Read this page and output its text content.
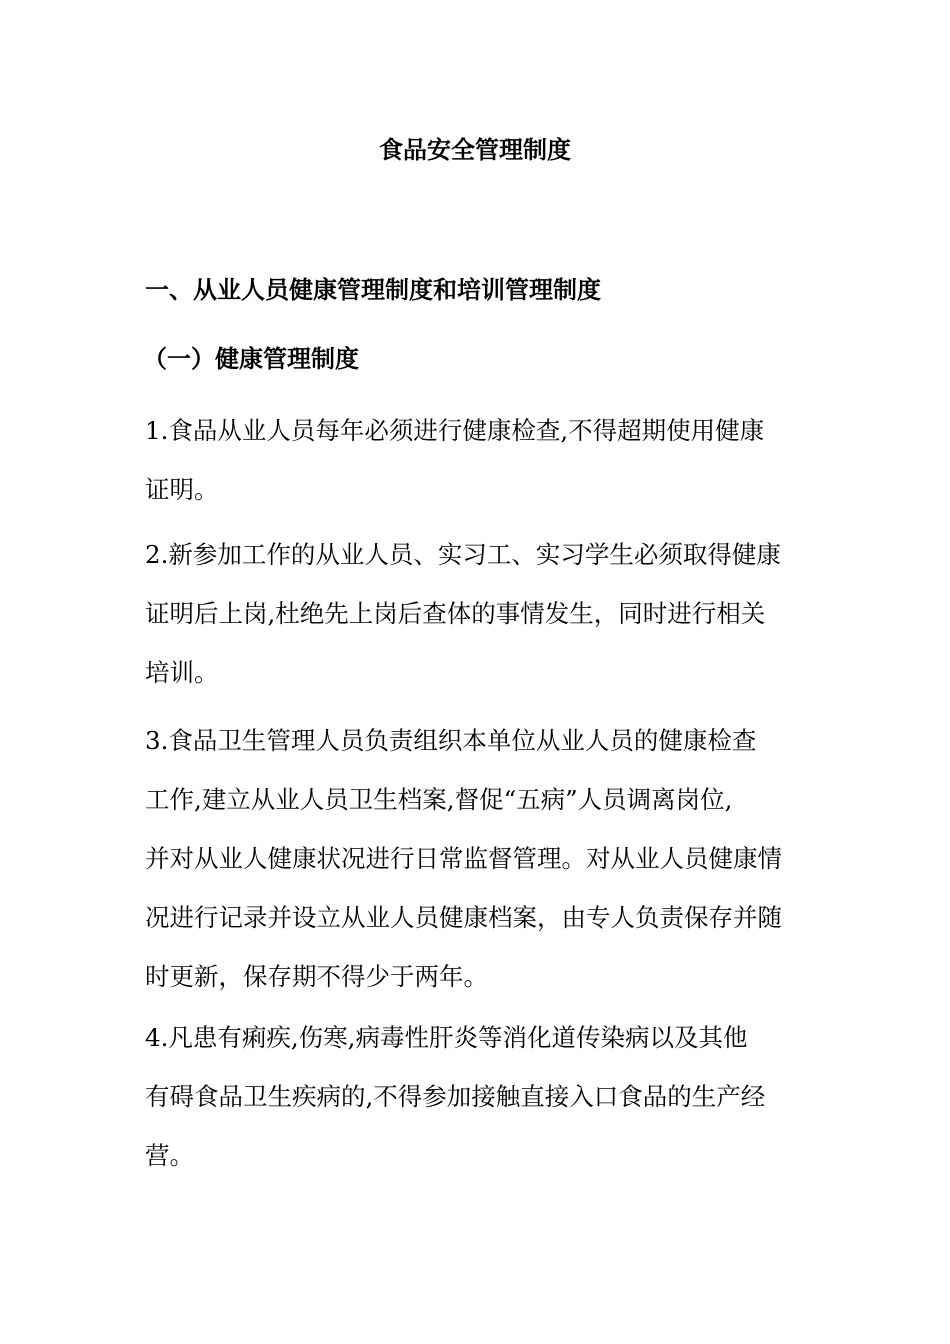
食品安全管理制度
一、从业人员健康管理制度和培训管理制度
（一）健康管理制度
1.食品从业人员每年必须进行健康检查,不得超期使用健康
证明。
2.新参加工作的从业人员、实习工、实习学生必须取得健康
证明后上岗,杜绝先上岗后查体的事情发生，同时进行相关
培训。
3.食品卫生管理人员负责组织本单位从业人员的健康检查
工作,建立从业人员卫生档案,督促“五病”人员调离岗位,
并对从业人健康状况进行日常监督管理。对从业人员健康情
况进行记录并设立从业人员健康档案，由专人负责保存并随
时更新，保存期不得少于两年。
4.凡患有痢疾,伤寒,病毒性肝炎等消化道传染病以及其他
有碍食品卫生疾病的,不得参加接触直接入口食品的生产经
营。
